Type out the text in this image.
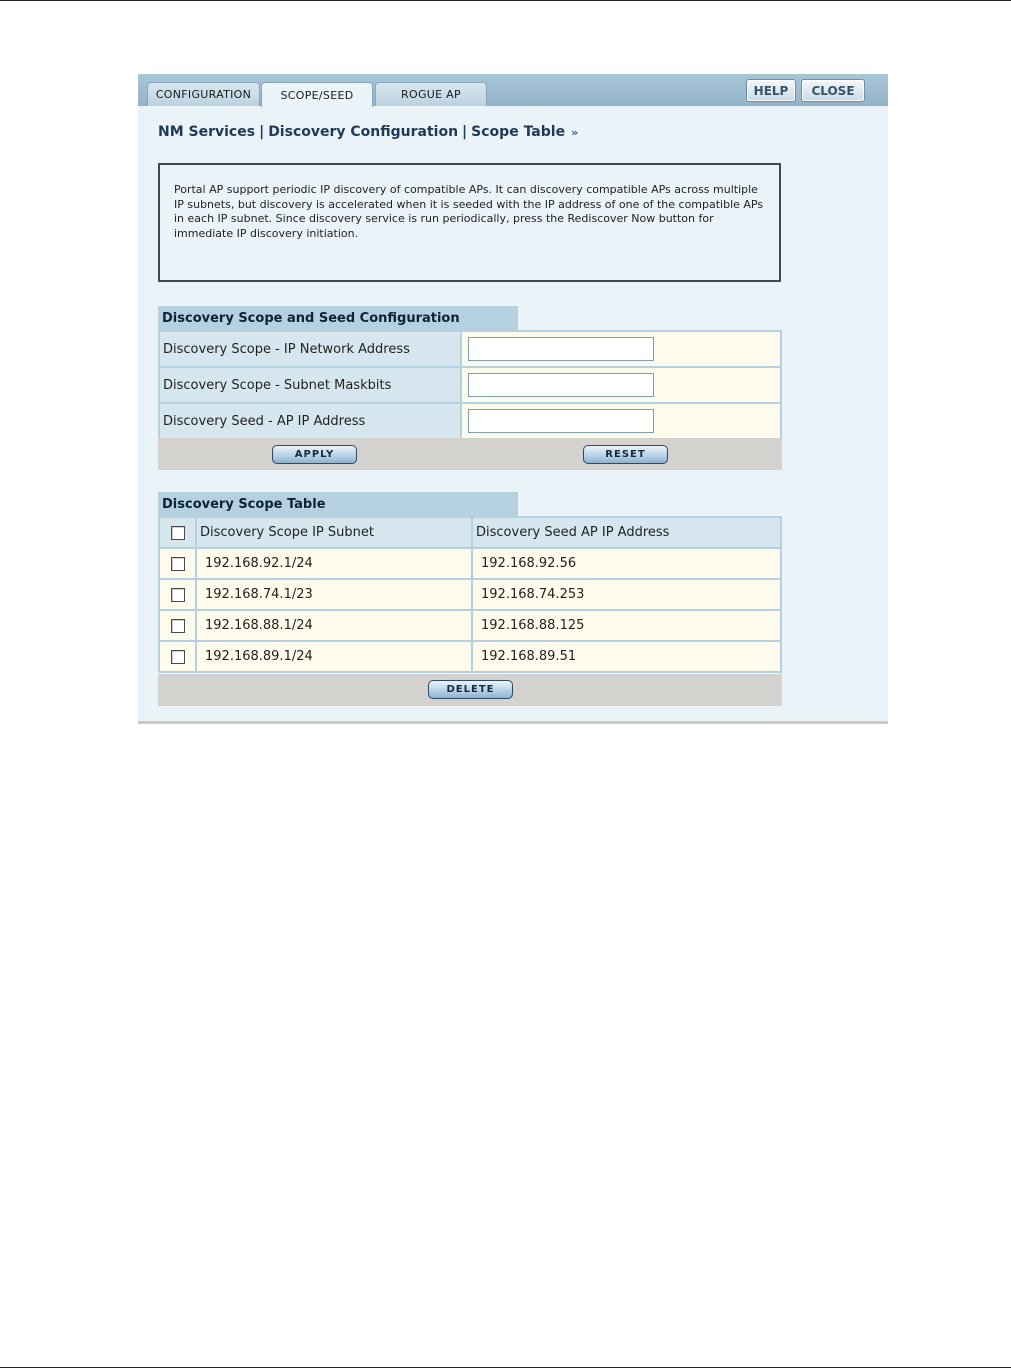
CONFIGURATION	SCOPE/SEED	ROGUE AP	HELP	CLOSE
NM Services | Discovery Configuration | Scope Table »
Portal AP support periodic IP discovery of compatible APs. It can discovery compatible APs across multiple IP subnets, but discovery is accelerated when it is seeded with the IP address of one of the compatible APs in each IP subnet. Since discovery service is run periodically, press the Rediscover Now button for immediate IP discovery initiation.
Discovery Scope and Seed Configuration
Discovery Scope - IP Network Address
Discovery Scope - Subnet Maskbits
Discovery Seed - AP IP Address
APPLY	RESET
Discovery Scope Table
Discovery Scope IP Subnet	Discovery Seed AP IP Address
192.168.92.1/24	192.168.92.56
192.168.74.1/23	192.168.74.253
192.168.88.1/24	192.168.88.125
192.168.89.1/24	192.168.89.51
DELETE
